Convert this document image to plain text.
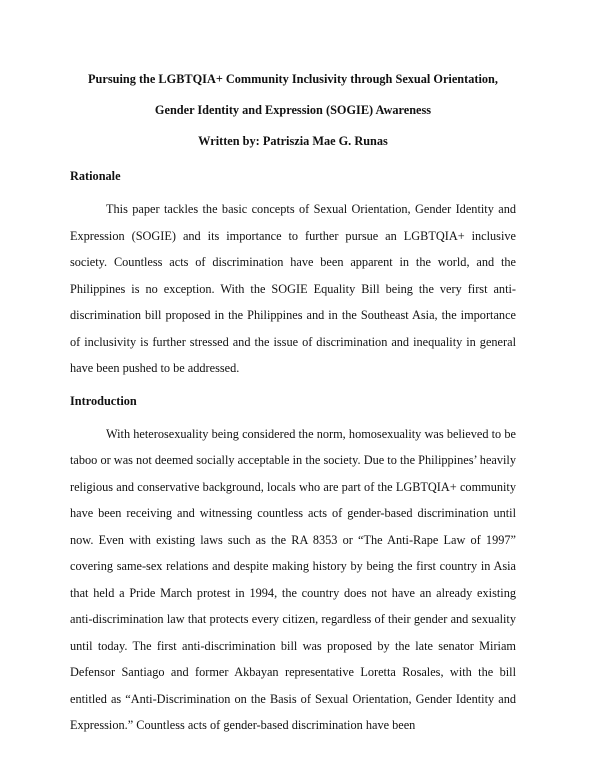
Pursuing the LGBTQIA+ Community Inclusivity through Sexual Orientation, Gender Identity and Expression (SOGIE) Awareness

Written by: Patriszia Mae G. Runas

Rationale

This paper tackles the basic concepts of Sexual Orientation, Gender Identity and Expression (SOGIE) and its importance to further pursue an LGBTQIA+ inclusive society. Countless acts of discrimination have been apparent in the world, and the Philippines is no exception. With the SOGIE Equality Bill being the very first anti-discrimination bill proposed in the Philippines and in the Southeast Asia, the importance of inclusivity is further stressed and the issue of discrimination and inequality in general have been pushed to be addressed.

Introduction

With heterosexuality being considered the norm, homosexuality was believed to be taboo or was not deemed socially acceptable in the society. Due to the Philippines’ heavily religious and conservative background, locals who are part of the LGBTQIA+ community have been receiving and witnessing countless acts of gender-based discrimination until now. Even with existing laws such as the RA 8353 or “The Anti-Rape Law of 1997” covering same-sex relations and despite making history by being the first country in Asia that held a Pride March protest in 1994, the country does not have an already existing anti-discrimination law that protects every citizen, regardless of their gender and sexuality until today. The first anti-discrimination bill was proposed by the late senator Miriam Defensor Santiago and former Akbayan representative Loretta Rosales, with the bill entitled as “Anti-Discrimination on the Basis of Sexual Orientation, Gender Identity and Expression.” Countless acts of gender-based discrimination have been
